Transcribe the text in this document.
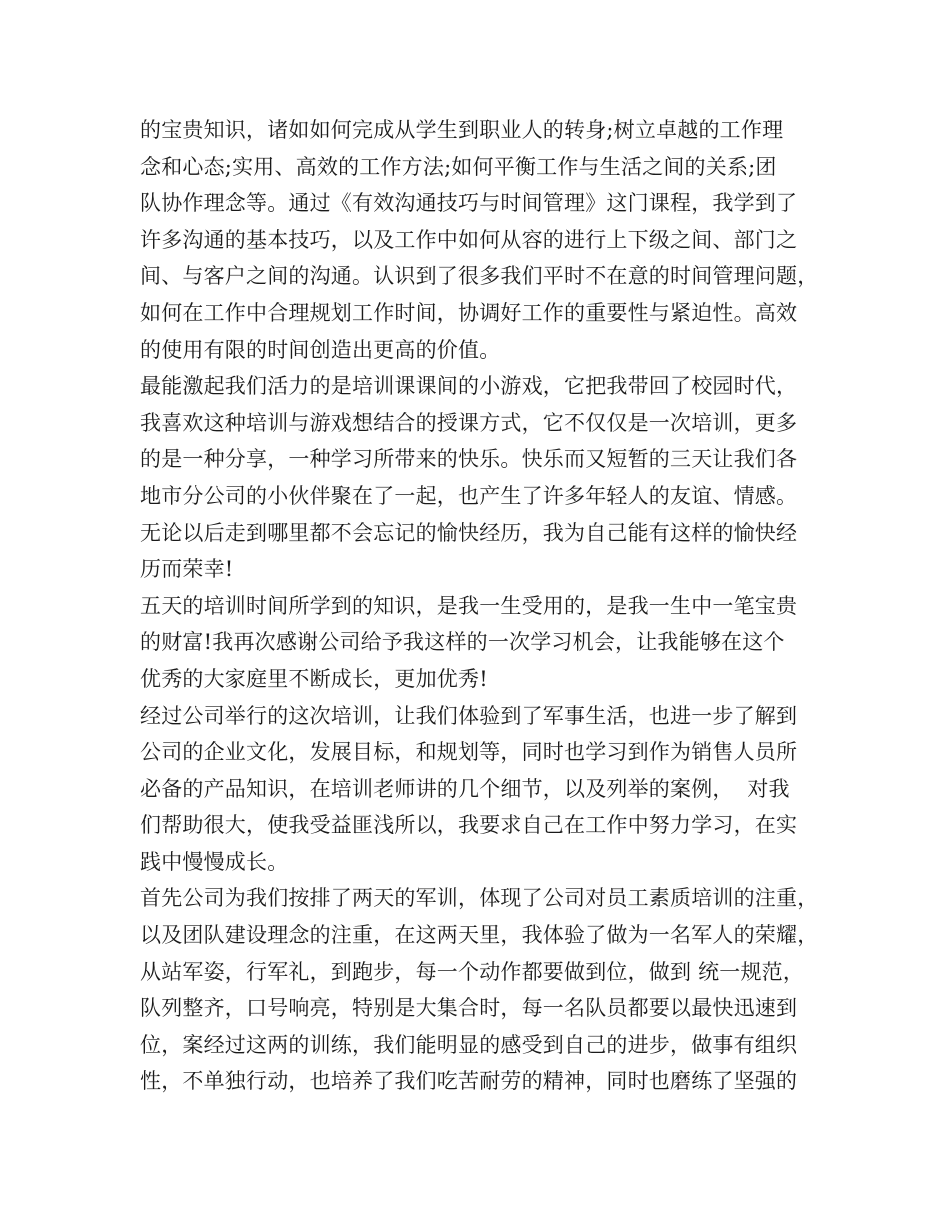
的宝贵知识，诸如如何完成从学生到职业人的转身;树立卓越的工作理
念和心态;实用、高效的工作方法;如何平衡工作与生活之间的关系;团
队协作理念等。通过《有效沟通技巧与时间管理》这门课程，我学到了
许多沟通的基本技巧，以及工作中如何从容的进行上下级之间、部门之
间、与客户之间的沟通。认识到了很多我们平时不在意的时间管理问题，
如何在工作中合理规划工作时间，协调好工作的重要性与紧迫性。高效
的使用有限的时间创造出更高的价值。
最能激起我们活力的是培训课课间的小游戏，它把我带回了校园时代，
我喜欢这种培训与游戏想结合的授课方式，它不仅仅是一次培训，更多
的是一种分享，一种学习所带来的快乐。快乐而又短暂的三天让我们各
地市分公司的小伙伴聚在了一起，也产生了许多年轻人的友谊、情感。
无论以后走到哪里都不会忘记的愉快经历，我为自己能有这样的愉快经
历而荣幸!
五天的培训时间所学到的知识，是我一生受用的，是我一生中一笔宝贵
的财富!我再次感谢公司给予我这样的一次学习机会，让我能够在这个
优秀的大家庭里不断成长，更加优秀!
经过公司举行的这次培训，让我们体验到了军事生活，也进一步了解到
公司的企业文化，发展目标，和规划等，同时也学习到作为销售人员所
必备的产品知识，在培训老师讲的几个细节，以及列举的案例，  对我
们帮助很大，使我受益匪浅所以，我要求自己在工作中努力学习，在实
践中慢慢成长。
首先公司为我们按排了两天的军训，体现了公司对员工素质培训的注重，
以及团队建设理念的注重，在这两天里，我体验了做为一名军人的荣耀，
从站军姿，行军礼，到跑步，每一个动作都要做到位，做到 统一规范，
队列整齐，口号响亮，特别是大集合时，每一名队员都要以最快迅速到
位，案经过这两的训练，我们能明显的感受到自己的进步，做事有组织
性，不单独行动，也培养了我们吃苦耐劳的精神，同时也磨练了坚强的
